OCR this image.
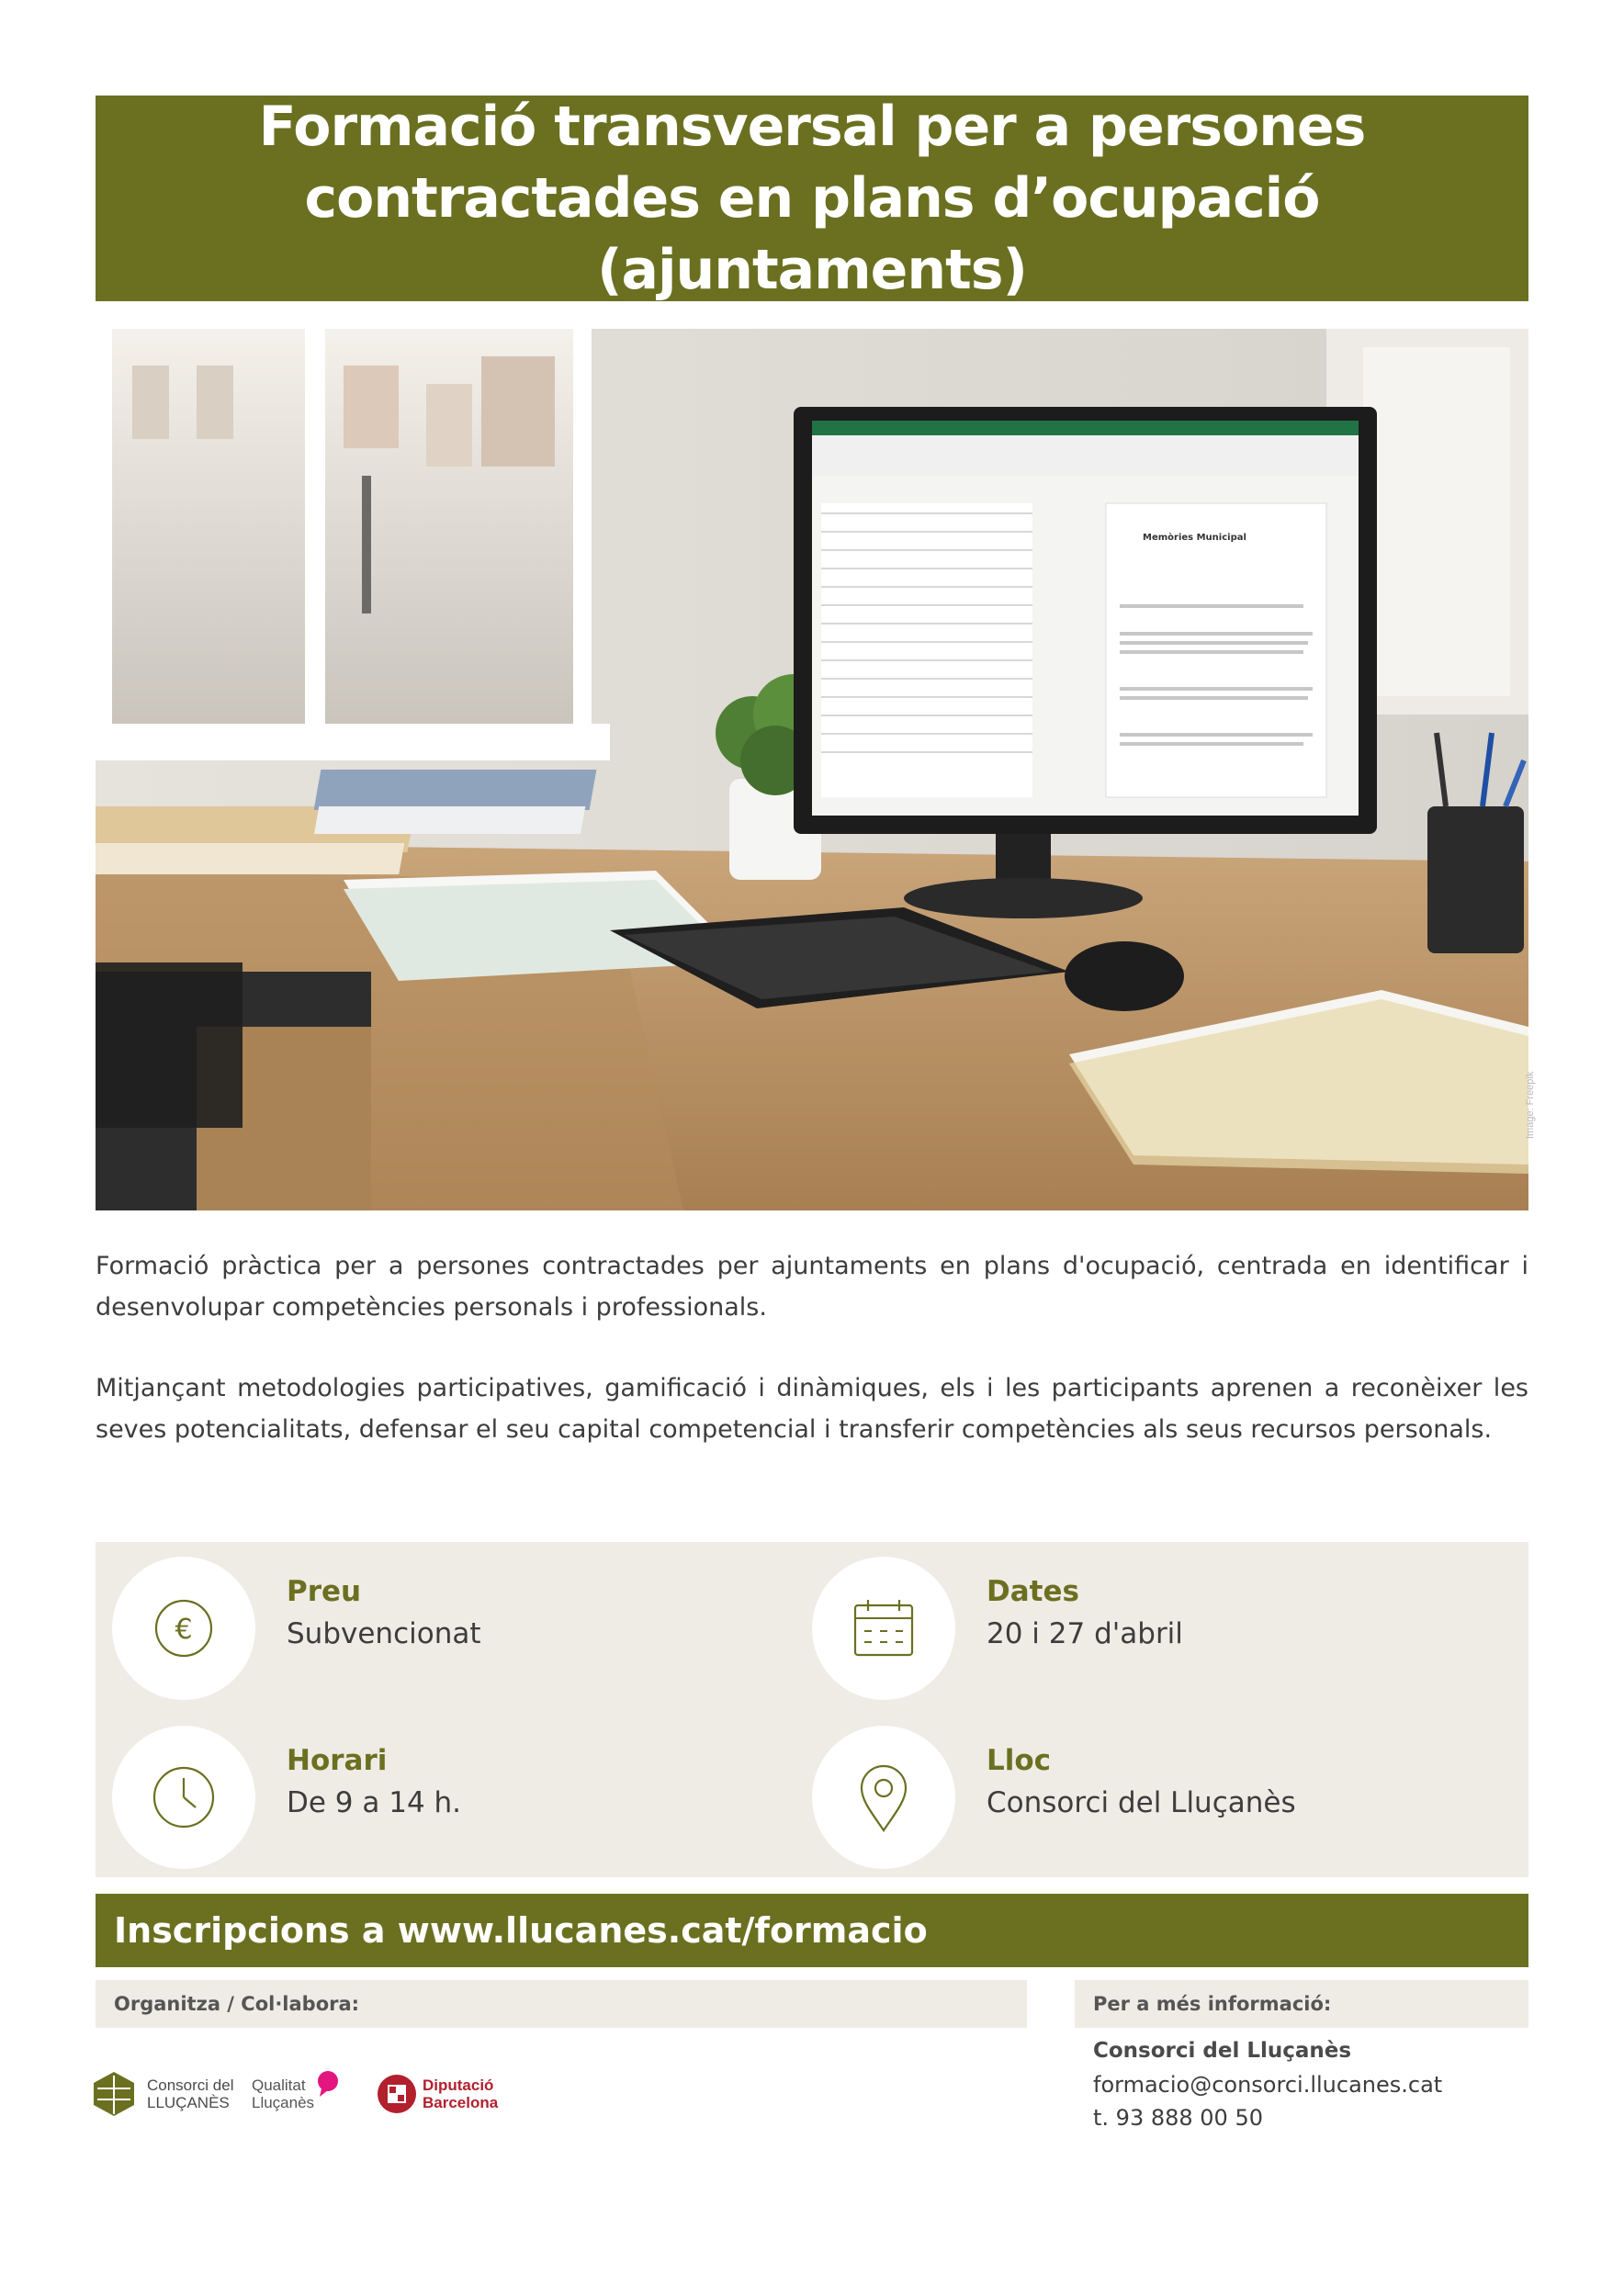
Formació transversal per a persones contractades en plans d’ocupació (ajuntaments)
Memòries Municipal
Image: Freepik

Formació pràctica per a persones contractades per ajuntaments en plans d'ocupació, centrada en identificar i desenvolupar competències personals i professionals.

Mitjançant metodologies participatives, gamificació i dinàmiques, els i les participants aprenen a reconèixer les seves potencialitats, defensar el seu capital competencial i transferir competències als seus recursos personals.

€
Preu
Subvencionat
Dates
20 i 27 d'abril
Horari
De 9 a 14 h.
Lloc
Consorci del Lluçanès
Inscripcions a www.llucanes.cat/formacio
Organitza / Col·labora:	Per a més informació:
Consorci del
LLUÇANÈS
Qualitat
Lluçanès
Diputació
Barcelona
Consorci del Lluçanès
formacio@consorci.llucanes.cat
t. 93 888 00 50
